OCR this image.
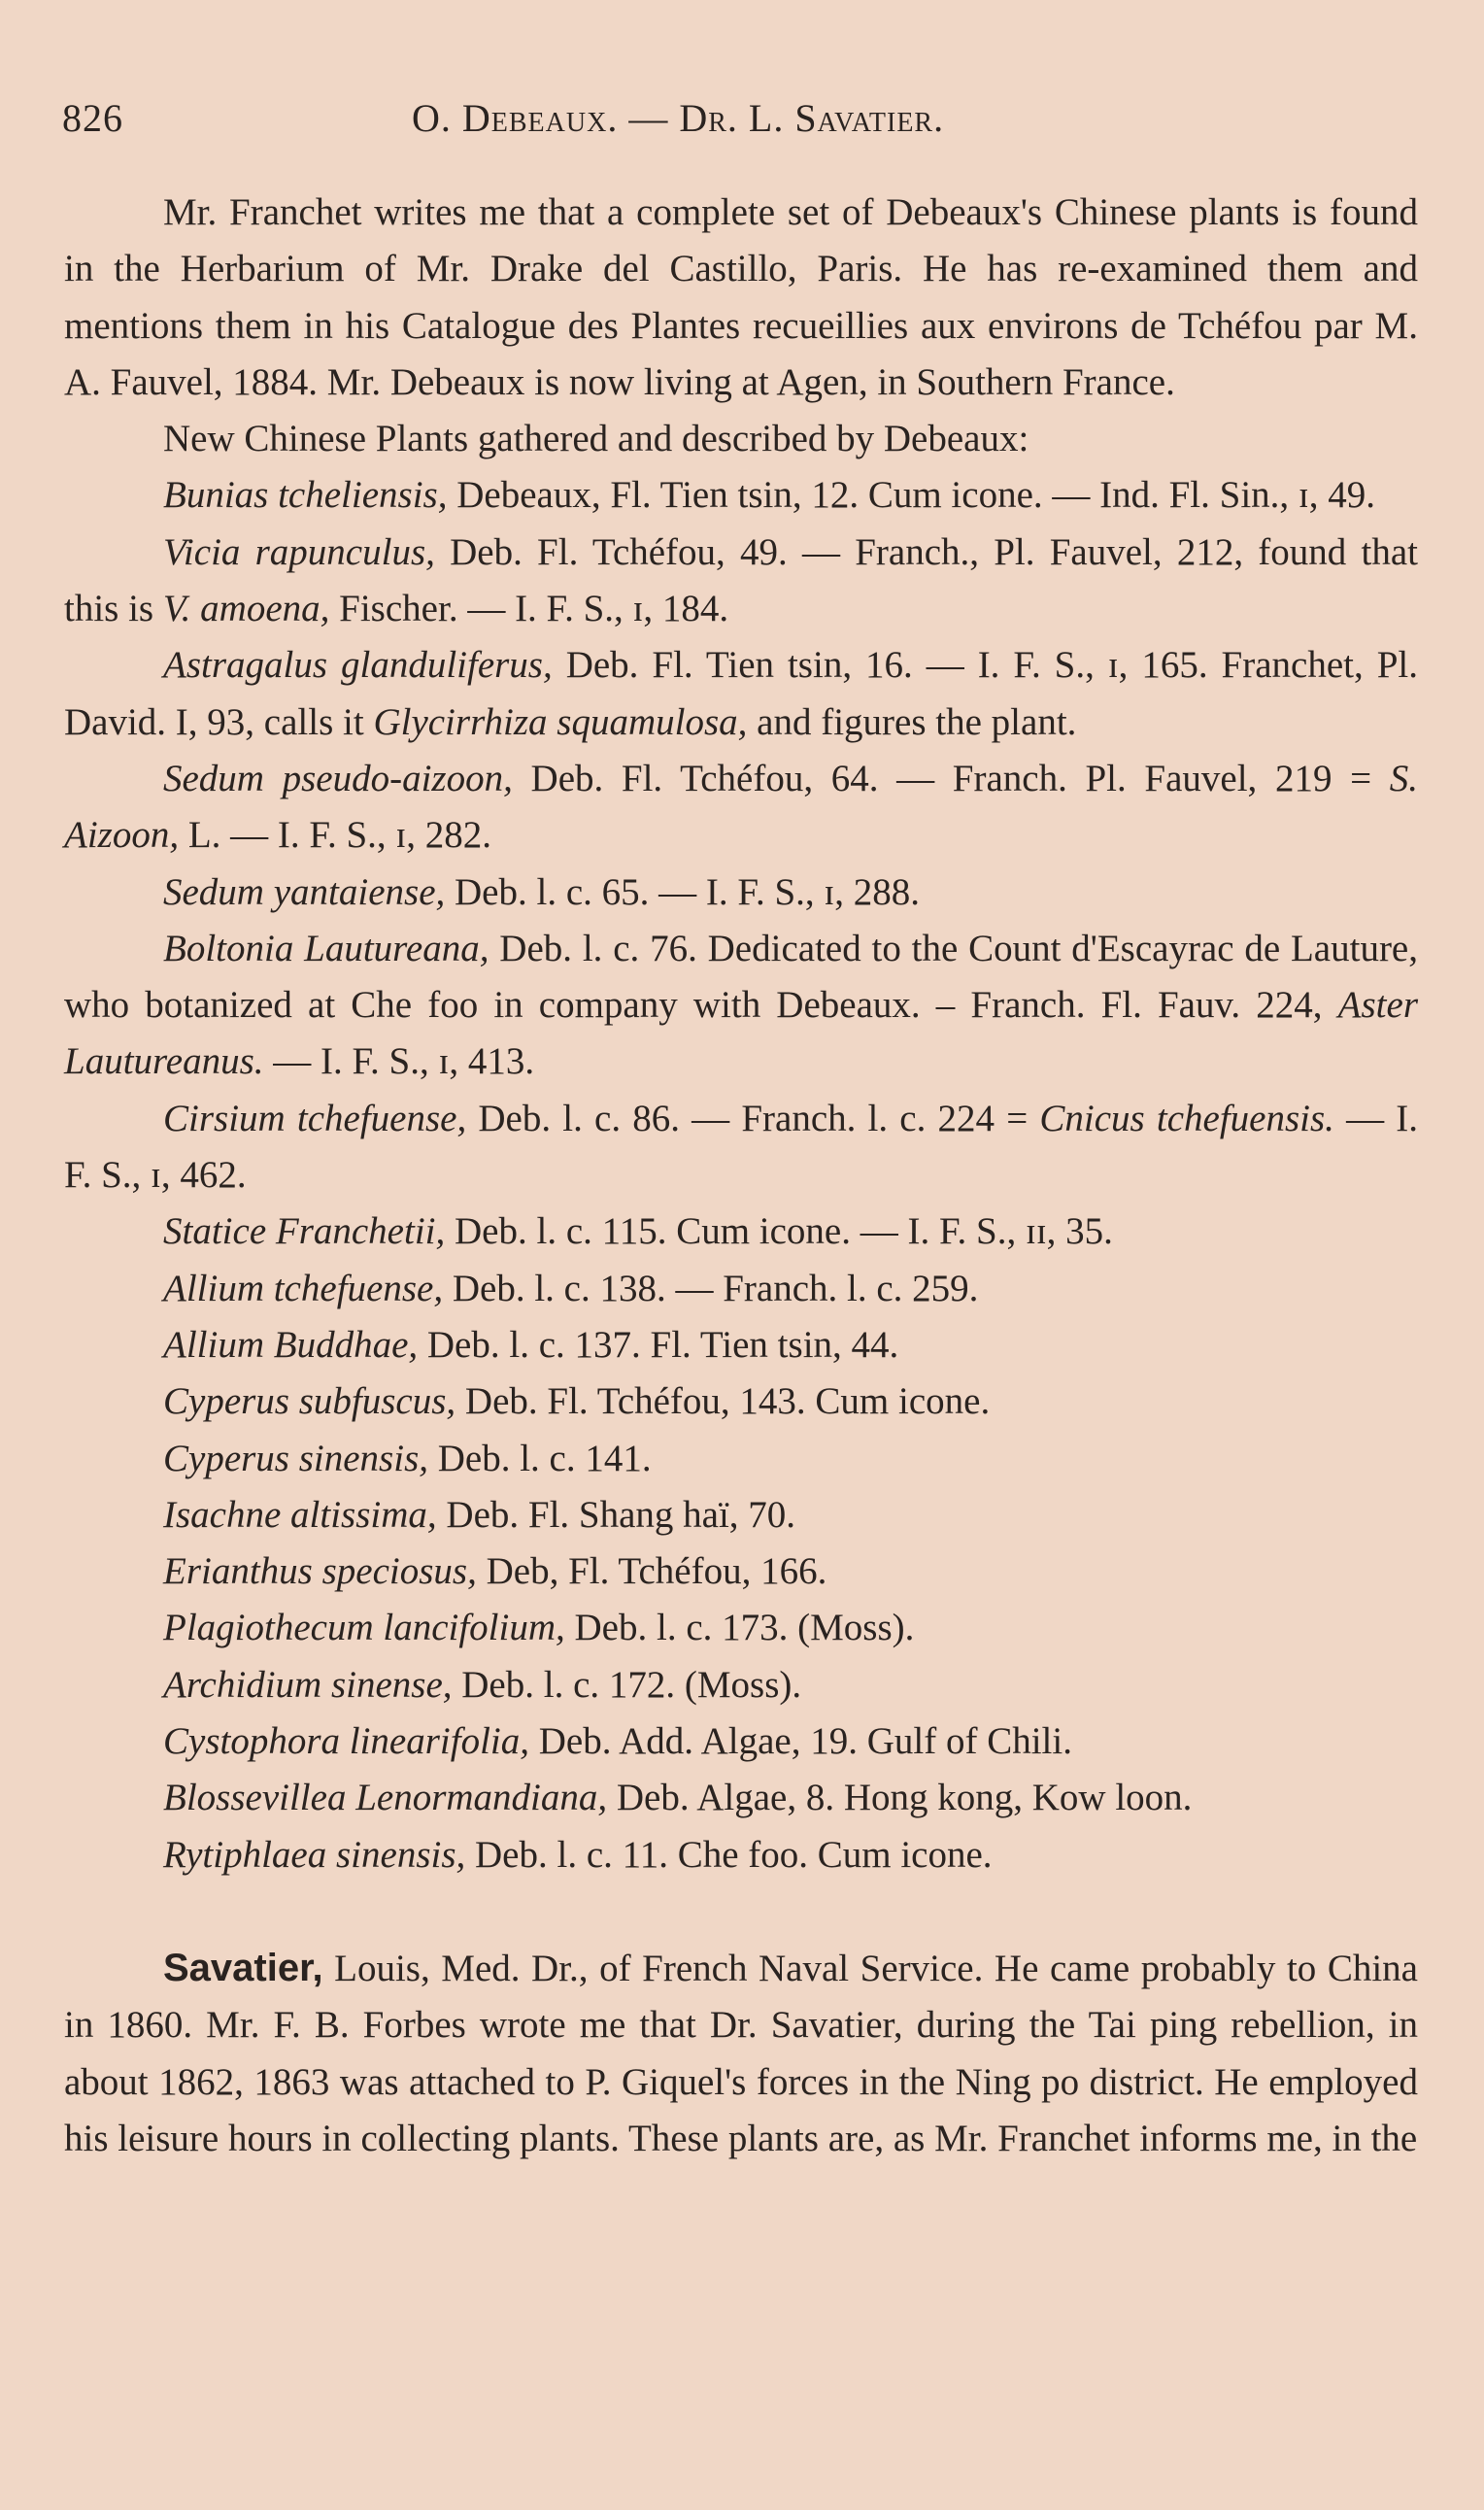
826	O. Debeaux. — Dr. L. Savatier.

Mr. Franchet writes me that a complete set of Debeaux's Chinese plants is found in the Herbarium of Mr. Drake del Castillo, Paris. He has re-examined them and mentions them in his Catalogue des Plantes recueillies aux environs de Tchéfou par M. A. Fauvel, 1884. Mr. Debeaux is now living at Agen, in Southern France.

New Chinese Plants gathered and described by Debeaux:

Bunias tcheliensis, Debeaux, Fl. Tien tsin, 12. Cum icone. — Ind. Fl. Sin., ɪ, 49.

Vicia rapunculus, Deb. Fl. Tchéfou, 49. — Franch., Pl. Fauvel, 212, found that this is V. amoena, Fischer. — I. F. S., ɪ, 184.

Astragalus glanduliferus, Deb. Fl. Tien tsin, 16. — I. F. S., ɪ, 165. Franchet, Pl. David. I, 93, calls it Glycirrhiza squamulosa, and figures the plant.

Sedum pseudo-aizoon, Deb. Fl. Tchéfou, 64. — Franch. Pl. Fauvel, 219 = S. Aizoon, L. — I. F. S., ɪ, 282.

Sedum yantaiense, Deb. l. c. 65. — I. F. S., ɪ, 288.

Boltonia Lautureana, Deb. l. c. 76. Dedicated to the Count d'Escayrac de Lauture, who botanized at Che foo in company with Debeaux. – Franch. Fl. Fauv. 224, Aster Lautureanus. — I. F. S., ɪ, 413.

Cirsium tchefuense, Deb. l. c. 86. — Franch. l. c. 224 = Cnicus tchefuensis. — I. F. S., ɪ, 462.

Statice Franchetii, Deb. l. c. 115. Cum icone. — I. F. S., ɪɪ, 35.

Allium tchefuense, Deb. l. c. 138. — Franch. l. c. 259.

Allium Buddhae, Deb. l. c. 137. Fl. Tien tsin, 44.

Cyperus subfuscus, Deb. Fl. Tchéfou, 143. Cum icone.

Cyperus sinensis, Deb. l. c. 141.

Isachne altissima, Deb. Fl. Shang haï, 70.

Erianthus speciosus, Deb, Fl. Tchéfou, 166.

Plagiothecum lancifolium, Deb. l. c. 173. (Moss).

Archidium sinense, Deb. l. c. 172. (Moss).

Cystophora linearifolia, Deb. Add. Algae, 19. Gulf of Chili.

Blossevillea Lenormandiana, Deb. Algae, 8. Hong kong, Kow loon.

Rytiphlaea sinensis, Deb. l. c. 11. Che foo. Cum icone.

Savatier, Louis, Med. Dr., of French Naval Service. He came probably to China in 1860. Mr. F. B. Forbes wrote me that Dr. Savatier, during the Tai ping rebellion, in about 1862, 1863 was attached to P. Giquel's forces in the Ning po district. He employed his leisure hours in collecting plants. These plants are, as Mr. Franchet informs me, in the
